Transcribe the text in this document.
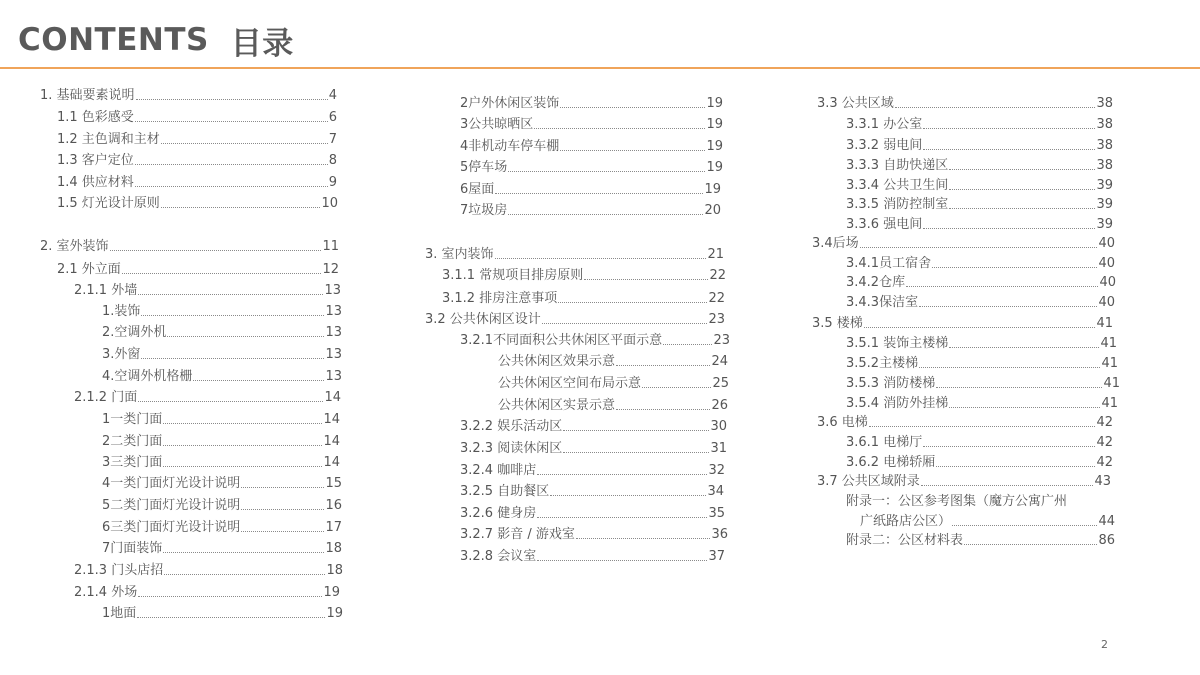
CONTENTS 目录
1. 基础要素说明	4
1.1 色彩感受	6
1.2 主色调和主材	7
1.3 客户定位	8
1.4 供应材料	9
1.5 灯光设计原则	10
2. 室外装饰	11
2.1 外立面	12
2.1.1 外墙	13
1.装饰	13
2.空调外机	13
3.外窗	13
4.空调外机格栅	13
2.1.2 门面	14
1一类门面	14
2二类门面	14
3三类门面	14
4一类门面灯光设计说明	15
5二类门面灯光设计说明	16
6三类门面灯光设计说明	17
7门面装饰	18
2.1.3 门头店招	18
2.1.4 外场	19
1地面	19
2户外休闲区装饰	19
3公共晾晒区	19
4非机动车停车棚	19
5停车场	19
6屋面	19
7垃圾房	20
3. 室内装饰	21
3.1.1 常规项目排房原则	22
3.1.2 排房注意事项	22
3.2 公共休闲区设计	23
3.2.1不同面积公共休闲区平面示意	23
公共休闲区效果示意	24
公共休闲区空间布局示意	25
公共休闲区实景示意	26
3.2.2 娱乐活动区	30
3.2.3 阅读休闲区	31
3.2.4 咖啡店	32
3.2.5 自助餐区	34
3.2.6 健身房	35
3.2.7 影音 / 游戏室	36
3.2.8 会议室	37
3.3 公共区域	38
3.3.1 办公室	38
3.3.2 弱电间	38
3.3.3 自助快递区	38
3.3.4 公共卫生间	39
3.3.5 消防控制室	39
3.3.6 强电间	39
3.4后场	40
3.4.1员工宿舍	40
3.4.2仓库	40
3.4.3保洁室	40
3.5 楼梯	41
3.5.1 装饰主楼梯	41
3.5.2主楼梯	41
3.5.3 消防楼梯	41
3.5.4 消防外挂梯	41
3.6 电梯	42
3.6.1 电梯厅	42
3.6.2 电梯轿厢	42
3.7 公共区域附录	43
附录一：公区参考图集（魔方公寓广州
广纸路店公区）	44
附录二：公区材料表	86
2
